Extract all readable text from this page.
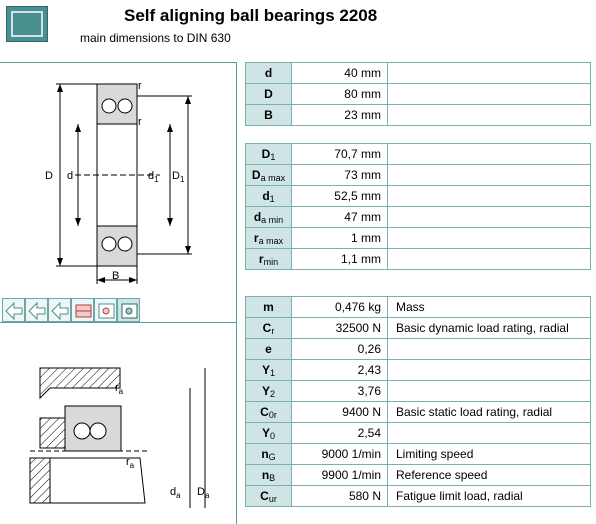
Self aligning ball bearings 2208
main dimensions to DIN 630
r
r
D d	$d_1$ $D_1$
B
$r_a$
$r_a$
$d_a$ $D_a$
d	40 mm	
D	80 mm	
B	23 mm	
$D_1$	70,7 mm	
$D_{a max}$	73 mm	
$d_1$	52,5 mm	
$d_{a min}$	47 mm	
$r_{a max}$	1 mm	
$r_{min}$	1,1 mm	
m	0,476 kg	Mass
$C_r$	32500 N	Basic dynamic load rating, radial
e	0,26	
$Y_1$	2,43	
$Y_2$	3,76	
$C_{0r}$	9400 N	Basic static load rating, radial
$Y_0$	2,54	
$n_G$	9000 1/min	Limiting speed
$n_B$	9900 1/min	Reference speed
$C_{ur}$	580 N	Fatigue limit load, radial
